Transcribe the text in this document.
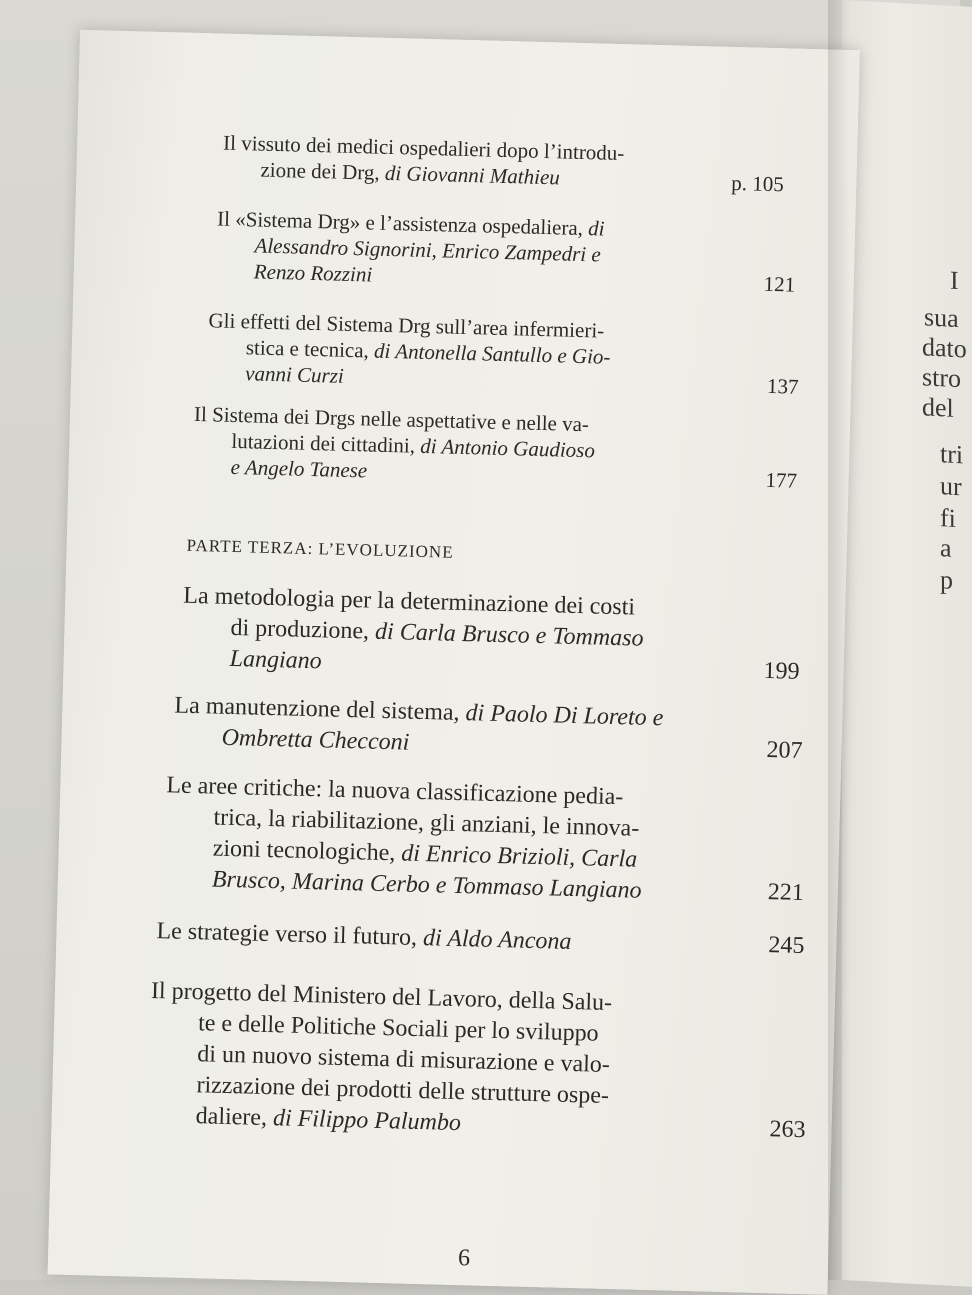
I
sua
dato
stro
del
tri
ur
fi
a
p
Il vissuto dei medici ospedalieri dopo l’introdu-
zione dei Drg, di Giovanni Mathieu	p. 105
Il «Sistema Drg» e l’assistenza ospedaliera, di
Alessandro Signorini, Enrico Zampedri e
Renzo Rozzini	121
Gli effetti del Sistema Drg sull’area infermieri-
stica e tecnica, di Antonella Santullo e Gio-
vanni Curzi	137
Il Sistema dei Drgs nelle aspettative e nelle va-
lutazioni dei cittadini, di Antonio Gaudioso
e Angelo Tanese	177
PARTE TERZA: L’EVOLUZIONE
La metodologia per la determinazione dei costi
di produzione, di Carla Brusco e Tommaso
Langiano	199
La manutenzione del sistema, di Paolo Di Loreto e
Ombretta Checconi	207
Le aree critiche: la nuova classificazione pedia-
trica, la riabilitazione, gli anziani, le innova-
zioni tecnologiche, di Enrico Brizioli, Carla
Brusco, Marina Cerbo e Tommaso Langiano	221
Le strategie verso il futuro, di Aldo Ancona	245
Il progetto del Ministero del Lavoro, della Salu-
te e delle Politiche Sociali per lo sviluppo
di un nuovo sistema di misurazione e valo-
rizzazione dei prodotti delle strutture ospe-
daliere, di Filippo Palumbo	263
6
